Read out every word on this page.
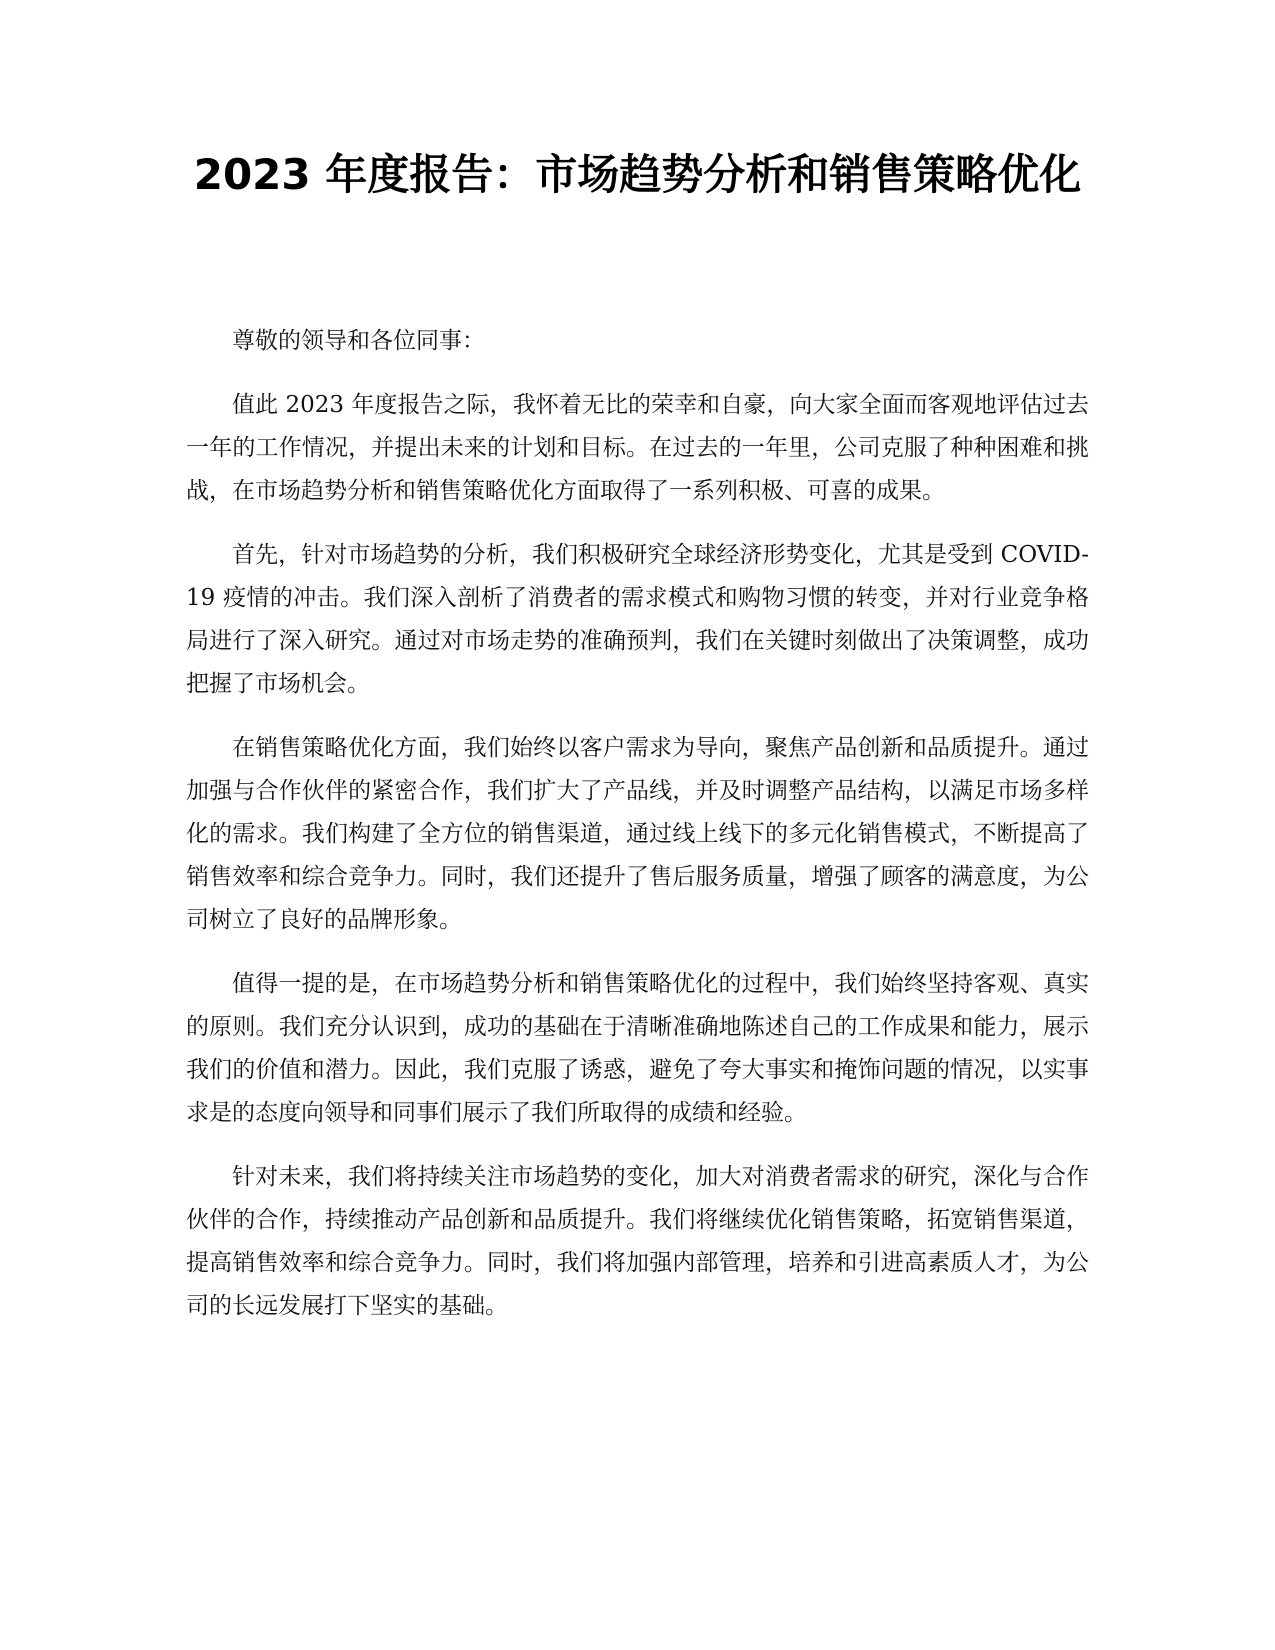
2023 年度报告：市场趋势分析和销售策略优化

尊敬的领导和各位同事：

值此 2023 年度报告之际，我怀着无比的荣幸和自豪，向大家全面而客观地评估过去一年的工作情况，并提出未来的计划和目标。在过去的一年里，公司克服了种种困难和挑战，在市场趋势分析和销售策略优化方面取得了一系列积极、可喜的成果。

首先，针对市场趋势的分析，我们积极研究全球经济形势变化，尤其是受到 COVID-19 疫情的冲击。我们深入剖析了消费者的需求模式和购物习惯的转变，并对行业竞争格局进行了深入研究。通过对市场走势的准确预判，我们在关键时刻做出了决策调整，成功把握了市场机会。

在销售策略优化方面，我们始终以客户需求为导向，聚焦产品创新和品质提升。通过加强与合作伙伴的紧密合作，我们扩大了产品线，并及时调整产品结构，以满足市场多样化的需求。我们构建了全方位的销售渠道，通过线上线下的多元化销售模式，不断提高了销售效率和综合竞争力。同时，我们还提升了售后服务质量，增强了顾客的满意度，为公司树立了良好的品牌形象。

值得一提的是，在市场趋势分析和销售策略优化的过程中，我们始终坚持客观、真实的原则。我们充分认识到，成功的基础在于清晰准确地陈述自己的工作成果和能力，展示我们的价值和潜力。因此，我们克服了诱惑，避免了夸大事实和掩饰问题的情况，以实事求是的态度向领导和同事们展示了我们所取得的成绩和经验。

针对未来，我们将持续关注市场趋势的变化，加大对消费者需求的研究，深化与合作伙伴的合作，持续推动产品创新和品质提升。我们将继续优化销售策略，拓宽销售渠道，提高销售效率和综合竞争力。同时，我们将加强内部管理，培养和引进高素质人才，为公司的长远发展打下坚实的基础。
